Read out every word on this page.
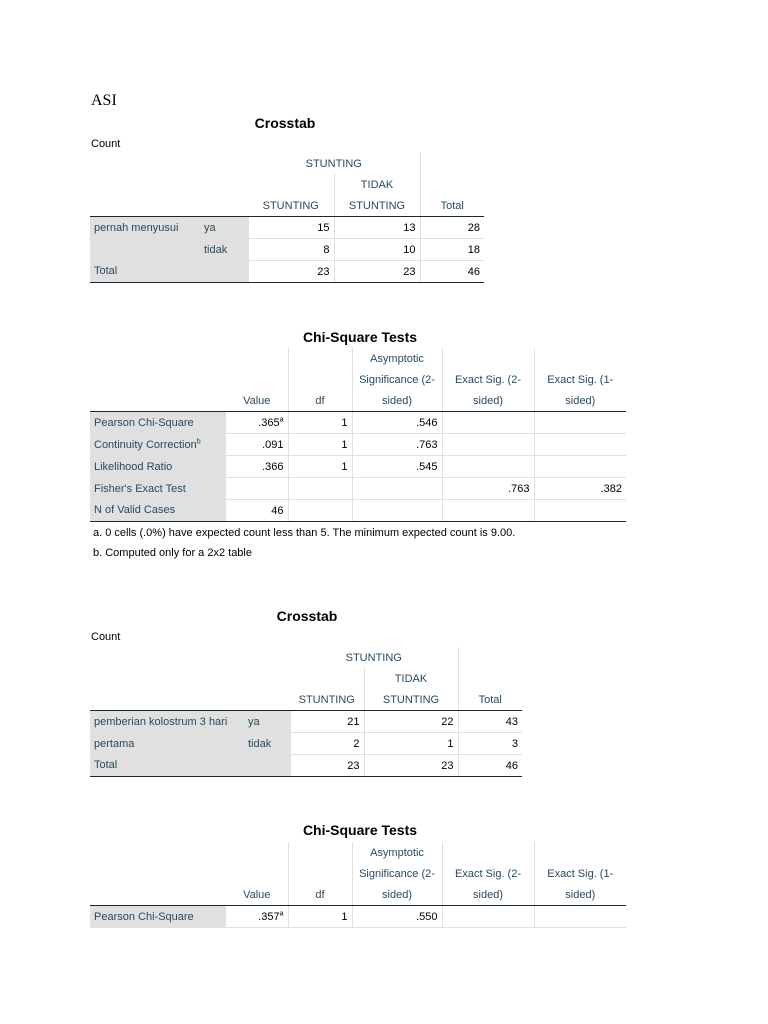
ASI
Crosstab
Count
		STUNTING		
			TIDAK	
		STUNTING	STUNTING	Total
pernah menyusui	ya	15	13	28
	tidak	8	10	18
Total		23	23	46
Chi-Square Tests
			Asymptotic		
			Significance (2-	Exact Sig. (2-	Exact Sig. (1-
	Value	df	sided)	sided)	sided)
Pearson Chi-Square	.365$^a$	1	.546		
Continuity Correction$^b$	.091	1	.763		
Likelihood Ratio	.366	1	.545		
Fisher's Exact Test				.763	.382
N of Valid Cases	46				
a. 0 cells (.0%) have expected count less than 5. The minimum expected count is 9.00.
b. Computed only for a 2x2 table
Crosstab
Count
		STUNTING		
			TIDAK	
		STUNTING	STUNTING	Total
pemberian kolostrum 3 hari	ya	21	22	43
pertama	tidak	2	1	3
Total		23	23	46
Chi-Square Tests
			Asymptotic		
			Significance (2-	Exact Sig. (2-	Exact Sig. (1-
	Value	df	sided)	sided)	sided)
Pearson Chi-Square	.357$^a$	1	.550		
